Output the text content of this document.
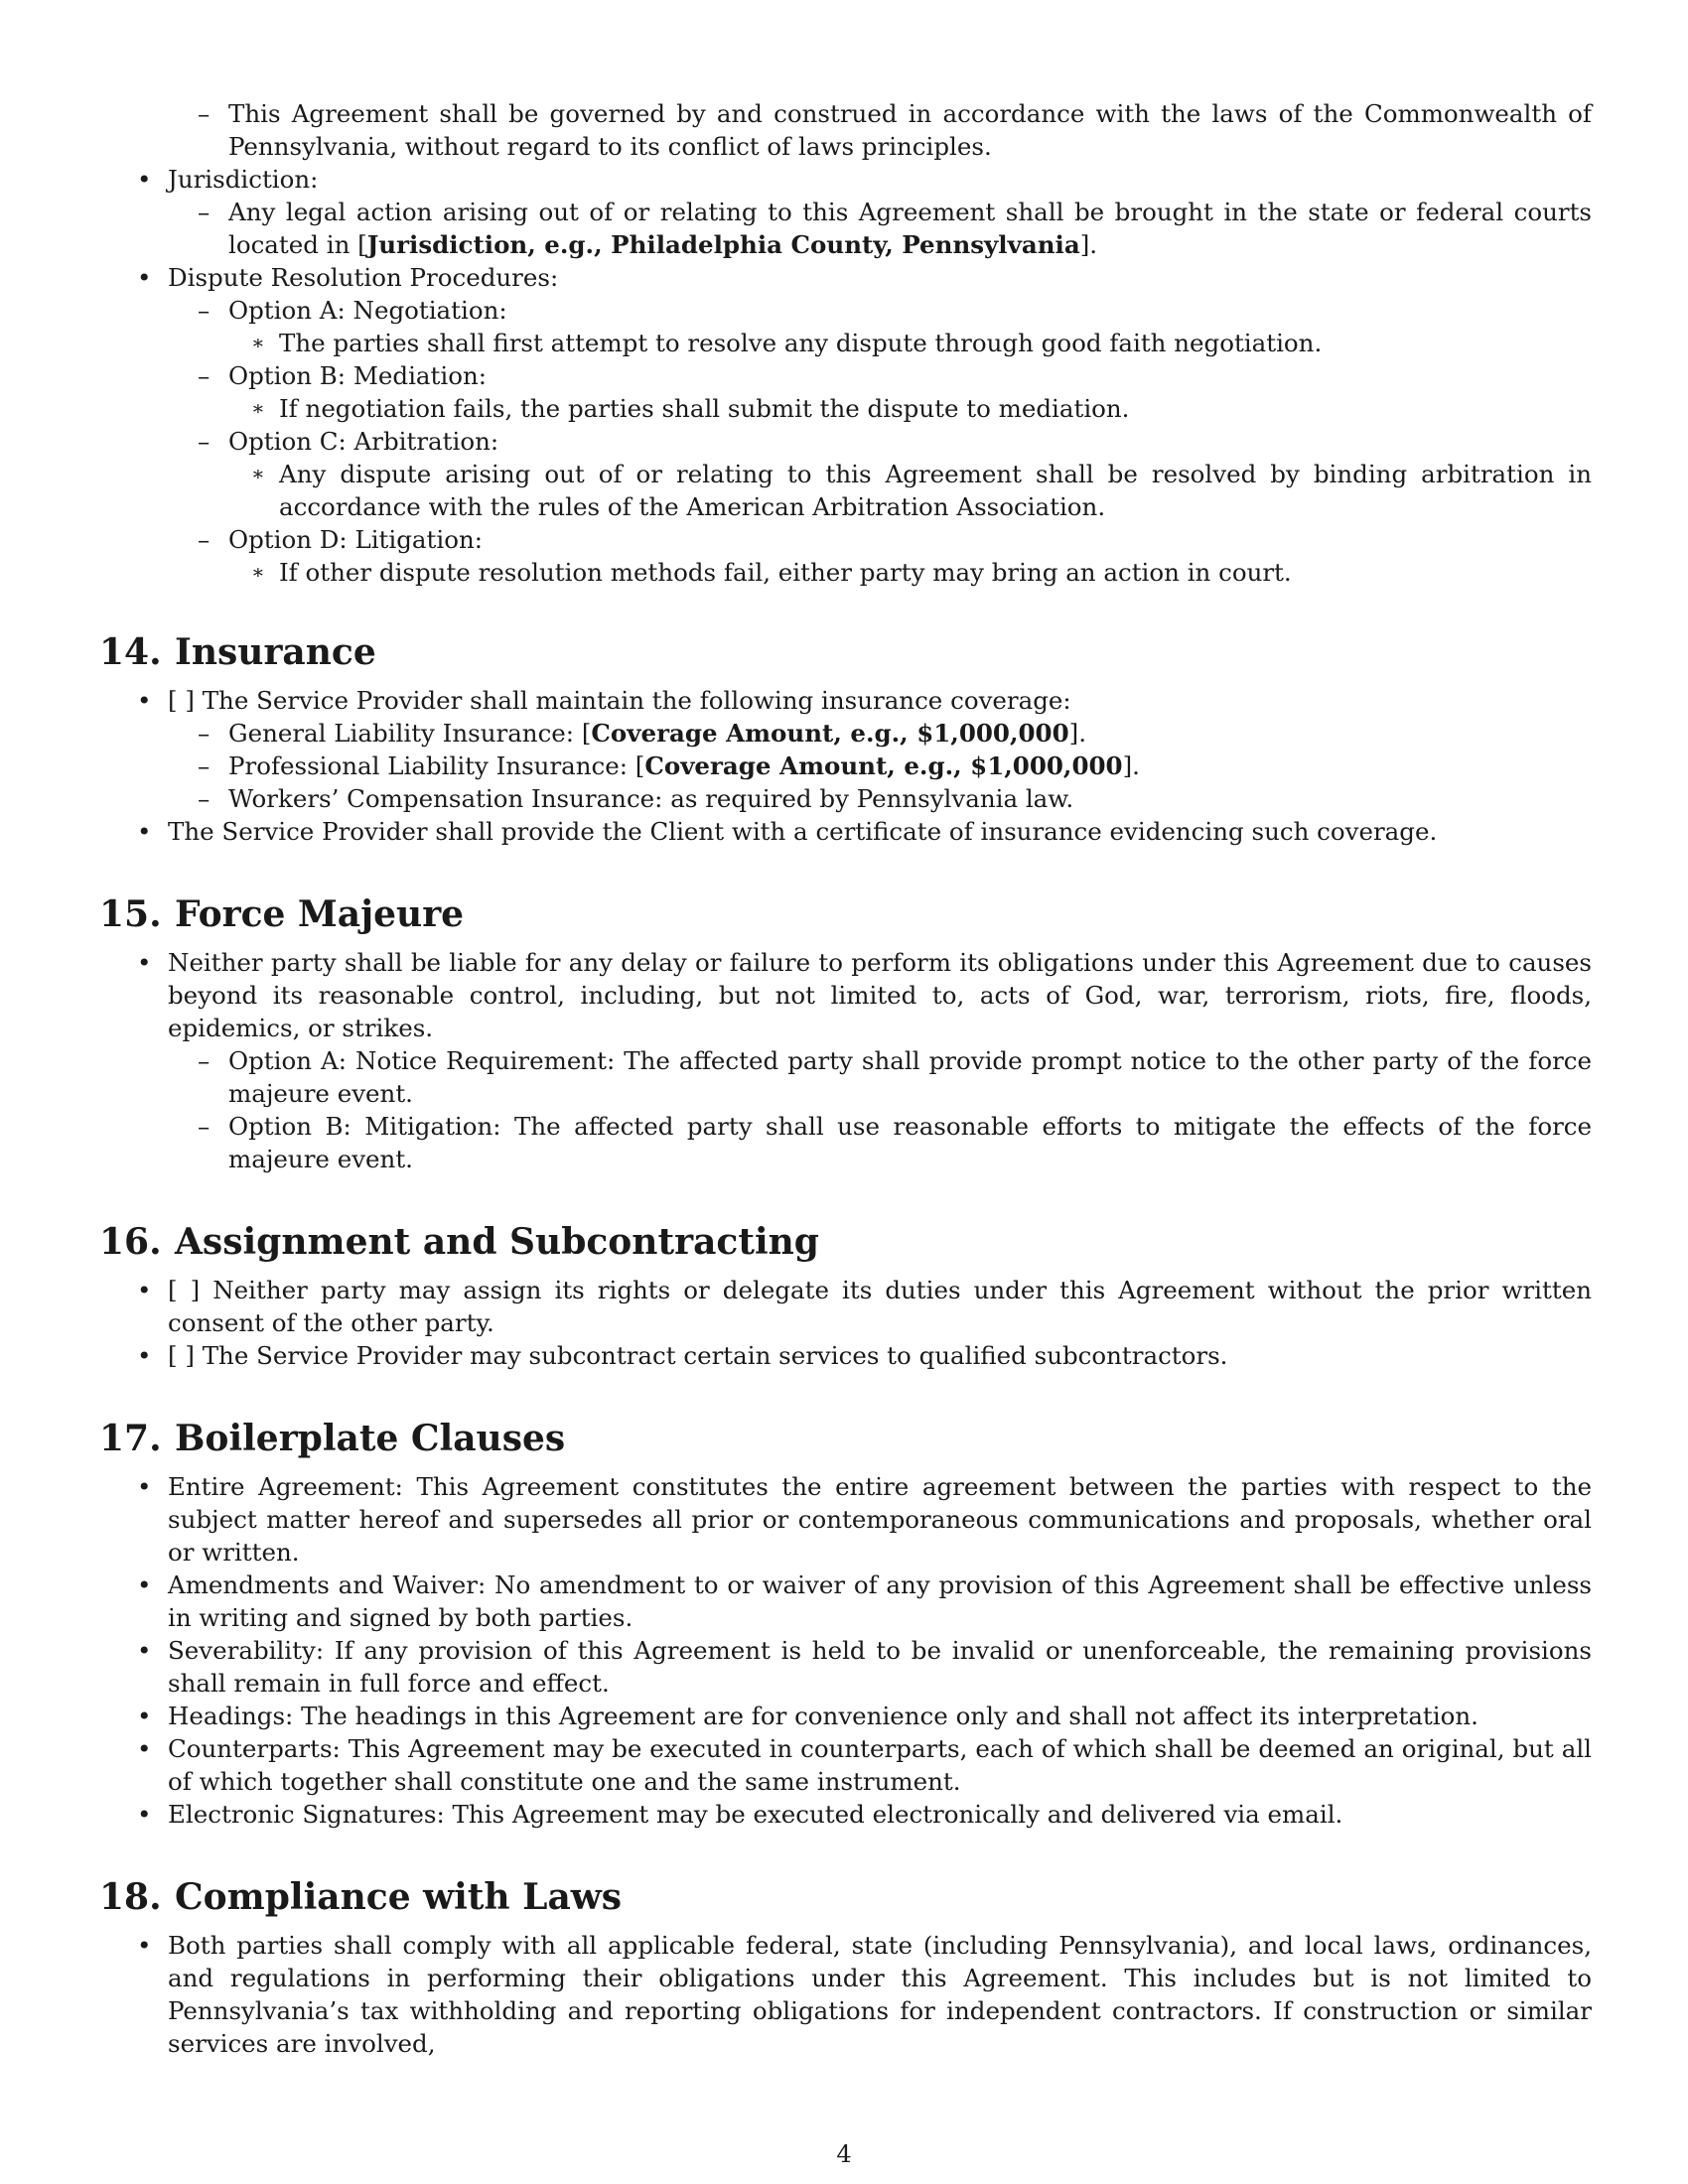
– This Agreement shall be governed by and construed in accordance with the laws of the Commonwealth of Pennsylvania, without regard to its conflict of laws principles.
• Jurisdiction:
– Any legal action arising out of or relating to this Agreement shall be brought in the state or federal courts located in [Jurisdiction, e.g., Philadelphia County, Pennsylvania].
• Dispute Resolution Procedures:
– Option A: Negotiation:
∗ The parties shall first attempt to resolve any dispute through good faith negotiation.
– Option B: Mediation:
∗ If negotiation fails, the parties shall submit the dispute to mediation.
– Option C: Arbitration:
∗ Any dispute arising out of or relating to this Agreement shall be resolved by binding arbitration in accordance with the rules of the American Arbitration Association.
– Option D: Litigation:
∗ If other dispute resolution methods fail, either party may bring an action in court.
14. Insurance
• [ ] The Service Provider shall maintain the following insurance coverage:
– General Liability Insurance: [Coverage Amount, e.g., $1,000,000].
– Professional Liability Insurance: [Coverage Amount, e.g., $1,000,000].
– Workers’ Compensation Insurance: as required by Pennsylvania law.
• The Service Provider shall provide the Client with a certificate of insurance evidencing such coverage.
15. Force Majeure
• Neither party shall be liable for any delay or failure to perform its obligations under this Agreement due to causes beyond its reasonable control, including, but not limited to, acts of God, war, terrorism, riots, fire, floods, epidemics, or strikes.
– Option A: Notice Requirement: The affected party shall provide prompt notice to the other party of the force majeure event.
– Option B: Mitigation: The affected party shall use reasonable efforts to mitigate the effects of the force majeure event.
16. Assignment and Subcontracting
• [ ] Neither party may assign its rights or delegate its duties under this Agreement without the prior written consent of the other party.
• [ ] The Service Provider may subcontract certain services to qualified subcontractors.
17. Boilerplate Clauses
• Entire Agreement: This Agreement constitutes the entire agreement between the parties with respect to the subject matter hereof and supersedes all prior or contemporaneous communications and proposals, whether oral or written.
• Amendments and Waiver: No amendment to or waiver of any provision of this Agreement shall be effective unless in writing and signed by both parties.
• Severability: If any provision of this Agreement is held to be invalid or unenforceable, the remaining provisions shall remain in full force and effect.
• Headings: The headings in this Agreement are for convenience only and shall not affect its interpretation.
• Counterparts: This Agreement may be executed in counterparts, each of which shall be deemed an original, but all of which together shall constitute one and the same instrument.
• Electronic Signatures: This Agreement may be executed electronically and delivered via email.
18. Compliance with Laws
• Both parties shall comply with all applicable federal, state (including Pennsylvania), and local laws, ordinances, and regulations in performing their obligations under this Agreement. This includes but is not limited to Pennsylvania’s tax withholding and reporting obligations for independent contractors. If construction or similar services are involved,
4
